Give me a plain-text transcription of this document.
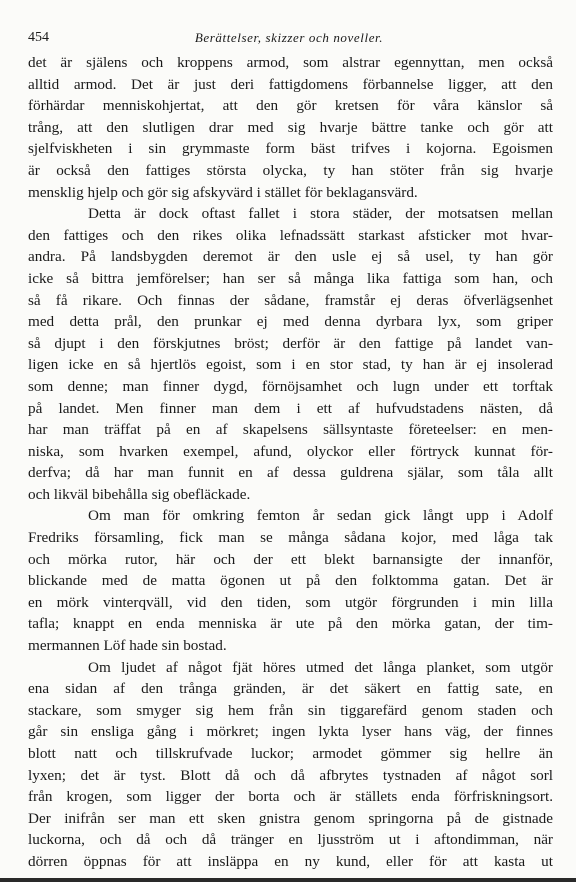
454	Berättelser, skizzer och noveller.
det är själens och kroppens armod, som alstrar egennyttan, men också
alltid armod. Det är just deri fattigdomens förbannelse ligger, att den
förhärdar menniskohjertat, att den gör kretsen för våra känslor så
trång, att den slutligen drar med sig hvarje bättre tanke och gör att
sjelfviskheten i sin grymmaste form bäst trifves i kojorna. Egoismen
är också den fattiges största olycka, ty han stöter från sig hvarje
mensklig hjelp och gör sig afskyvärd i stället för beklagansvärd.
Detta är dock oftast fallet i stora städer, der motsatsen mellan
den fattiges och den rikes olika lefnadssätt starkast afsticker mot hvar-
andra. På landsbygden deremot är den usle ej så usel, ty han gör
icke så bittra jemförelser; han ser så många lika fattiga som han, och
så få rikare. Och finnas der sådane, framstår ej deras öfverlägsenhet
med detta prål, den prunkar ej med denna dyrbara lyx, som griper
så djupt i den förskjutnes bröst; derför är den fattige på landet van-
ligen icke en så hjertlös egoist, som i en stor stad, ty han är ej insolerad
som denne; man finner dygd, förnöjsamhet och lugn under ett torftak
på landet. Men finner man dem i ett af hufvudstadens nästen, då
har man träffat på en af skapelsens sällsyntaste företeelser: en men-
niska, som hvarken exempel, afund, olyckor eller förtryck kunnat för-
derfva; då har man funnit en af dessa guldrena själar, som tåla allt
och likväl bibehålla sig obefläckade.
Om man för omkring femton år sedan gick långt upp i Adolf
Fredriks församling, fick man se många sådana kojor, med låga tak
och mörka rutor, här och der ett blekt barnansigte der innanför,
blickande med de matta ögonen ut på den folktomma gatan. Det är
en mörk vinterqväll, vid den tiden, som utgör förgrunden i min lilla
tafla; knappt en enda menniska är ute på den mörka gatan, der tim-
mermannen Löf hade sin bostad.
Om ljudet af något fjät höres utmed det långa planket, som utgör
ena sidan af den trånga gränden, är det säkert en fattig sate, en
stackare, som smyger sig hem från sin tiggarefärd genom staden och
går sin ensliga gång i mörkret; ingen lykta lyser hans väg, der finnes
blott natt och tillskrufvade luckor; armodet gömmer sig hellre än
lyxen; det är tyst. Blott då och då afbrytes tystnaden af något sorl
från krogen, som ligger der borta och är ställets enda förfriskningsort.
Der inifrån ser man ett sken gnistra genom springorna på de gistnade
luckorna, och då och då tränger en ljusström ut i aftondimman, när
dörren öppnas för att insläppa en ny kund, eller för att kasta ut
